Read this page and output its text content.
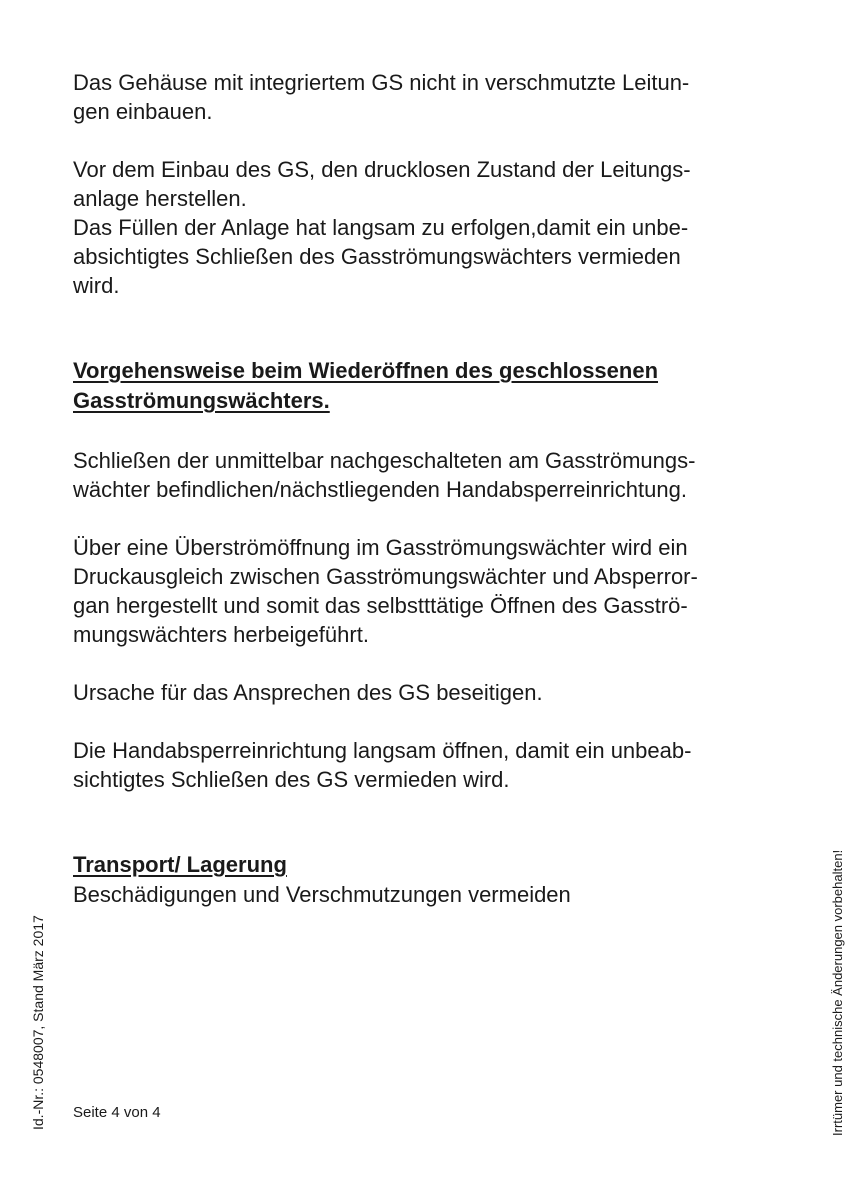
Das Gehäuse mit integriertem GS nicht in verschmutzte Leitun-
gen einbauen.

Vor dem Einbau des GS, den drucklosen Zustand der Leitungs-
anlage herstellen.

Das Füllen der Anlage hat langsam zu erfolgen,damit ein unbe-
absichtigtes Schließen des Gasströmungswächters vermieden
wird.

Vorgehensweise beim Wiederöffnen des geschlossenen
Gasströmungswächters.

Schließen der unmittelbar nachgeschalteten am Gasströmungs-
wächter befindlichen/nächstliegenden Handabsperreinrichtung.

Über eine Überströmöffnung im Gasströmungswächter wird ein
Druckausgleich zwischen Gasströmungswächter und Absperror-
gan hergestellt und somit das selbstttätige Öffnen des Gasströ-
mungswächters herbeigeführt.

Ursache für das Ansprechen des GS beseitigen.

Die Handabsperreinrichtung langsam öffnen, damit ein unbeab-
sichtigtes Schließen des GS vermieden wird.

Transport/ Lagerung
Beschädigungen und Verschmutzungen vermeiden
Seite 4 von 4
Id.-Nr.: 0548007, Stand März 2017	Irrtümer und technische Änderungen vorbehalten!
